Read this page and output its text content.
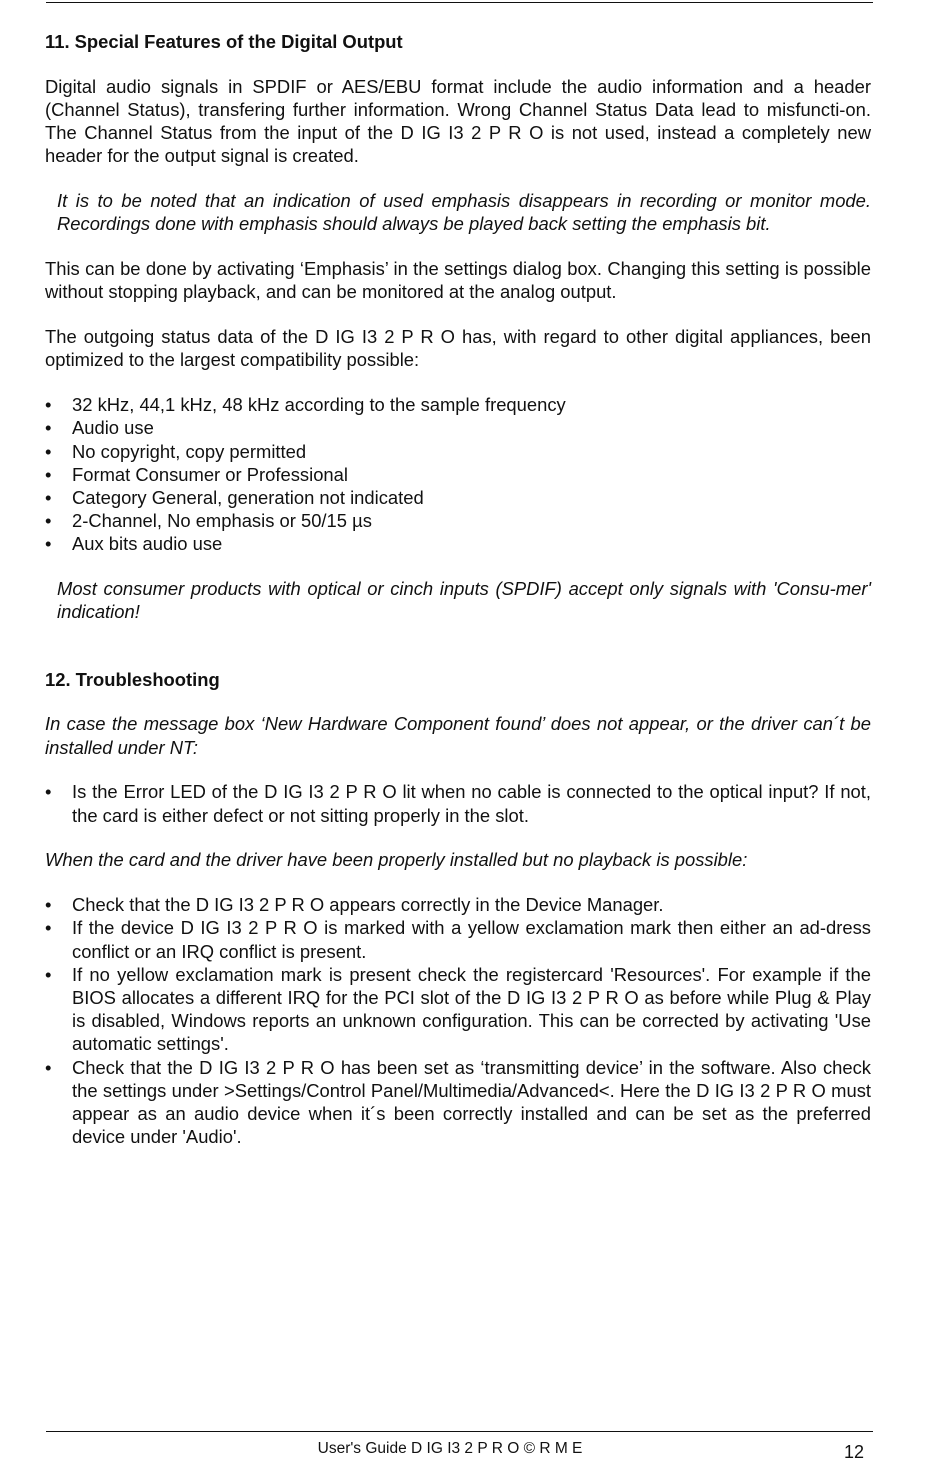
11. Special Features of the Digital Output

Digital audio signals in SPDIF or AES/EBU format include the audio information and a header (Channel Status), transfering further information. Wrong Channel Status Data lead to misfuncti-on. The Channel Status from the input of the D IG I3 2 P R O is not used, instead a completely new header for the output signal is created.

It is to be noted that an indication of used emphasis disappears in recording or monitor mode. Recordings done with emphasis should always be played back setting the emphasis bit.

This can be done by activating ‘Emphasis’ in the settings dialog box. Changing this setting is possible without stopping playback, and can be monitored at the analog output.

The outgoing status data of the D IG I3 2 P R O has, with regard to other digital appliances, been optimized to the largest compatibility possible:

•	32 kHz, 44,1 kHz, 48 kHz according to the sample frequency
•	Audio use
•	No copyright, copy permitted
•	Format Consumer or Professional
•	Category General, generation not indicated
•	2-Channel, No emphasis or 50/15 µs
•	Aux bits audio use

Most consumer products with optical or cinch inputs (SPDIF) accept only signals with 'Consu-mer' indication!

12. Troubleshooting

In case the message box ‘New Hardware Component found’ does not appear, or the driver can´t be installed under NT:

•	Is the Error LED of the D IG I3 2 P R O lit when no cable is connected to the optical input? If not, the card is either defect or not sitting properly in the slot.

When the card and the driver have been properly installed but no playback is possible:

•	Check that the D IG I3 2 P R O appears correctly in the Device Manager.
•	If the device D IG I3 2 P R O is marked with a yellow exclamation mark then either an ad-dress conflict or an IRQ conflict is present.
•	If no yellow exclamation mark is present check the registercard 'Resources'. For example if the BIOS allocates a different IRQ for the PCI slot of the D IG I3 2 P R O as before while Plug & Play is disabled, Windows reports an unknown configuration. This can be corrected by activating 'Use automatic settings'.
•	Check that the D IG I3 2 P R O has been set as ‘transmitting device’ in the software. Also check the settings under >Settings/Control Panel/Multimedia/Advanced<. Here the D IG I3 2 P R O must appear as an audio device when it´s been correctly installed and can be set as the preferred device under 'Audio'.
User's Guide D IG I3 2 P R O © R M E	12
